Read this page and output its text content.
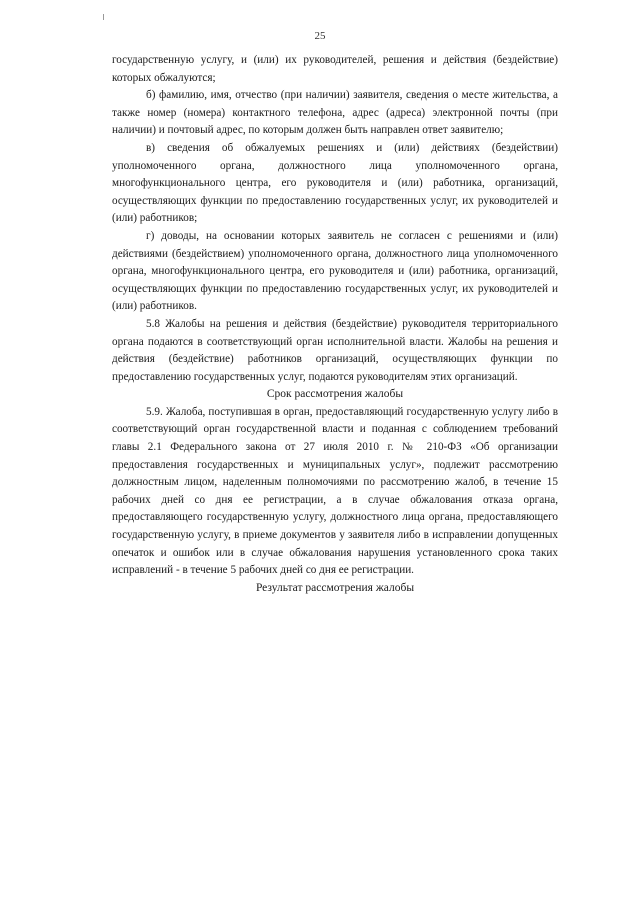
25

государственную услугу, и (или) их руководителей, решения и действия (бездействие) которых обжалуются;

б) фамилию, имя, отчество (при наличии) заявителя, сведения о месте жительства, а также номер (номера) контактного телефона, адрес (адреса) электронной почты (при наличии) и почтовый адрес, по которым должен быть направлен ответ заявителю;

в) сведения об обжалуемых решениях и (или) действиях (бездействии) уполномоченного органа, должностного лица уполномоченного органа, многофункционального центра, его руководителя и (или) работника, организаций, осуществляющих функции по предоставлению государственных услуг, их руководителей и (или) работников;

г) доводы, на основании которых заявитель не согласен с решениями и (или) действиями (бездействием) уполномоченного органа, должностного лица уполномоченного органа, многофункционального центра, его руководителя и (или) работника, организаций, осуществляющих функции по предоставлению государственных услуг, их руководителей и (или) работников.

5.8 Жалобы на решения и действия (бездействие) руководителя территориального органа подаются в соответствующий орган исполнительной власти. Жалобы на решения и действия (бездействие) работников организаций, осуществляющих функции по предоставлению государственных услуг, подаются руководителям этих организаций.

Срок рассмотрения жалобы

5.9. Жалоба, поступившая в орган, предоставляющий государственную услугу либо в соответствующий орган государственной власти и поданная с соблюдением требований главы 2.1 Федерального закона от 27 июля 2010 г. № 210-ФЗ «Об организации предоставления государственных и муниципальных услуг», подлежит рассмотрению должностным лицом, наделенным полномочиями по рассмотрению жалоб, в течение 15 рабочих дней со дня ее регистрации, а в случае обжалования отказа органа, предоставляющего государственную услугу, должностного лица органа, предоставляющего государственную услугу, в приеме документов у заявителя либо в исправлении допущенных опечаток и ошибок или в случае обжалования нарушения установленного срока таких исправлений - в течение 5 рабочих дней со дня ее регистрации.

Результат рассмотрения жалобы
